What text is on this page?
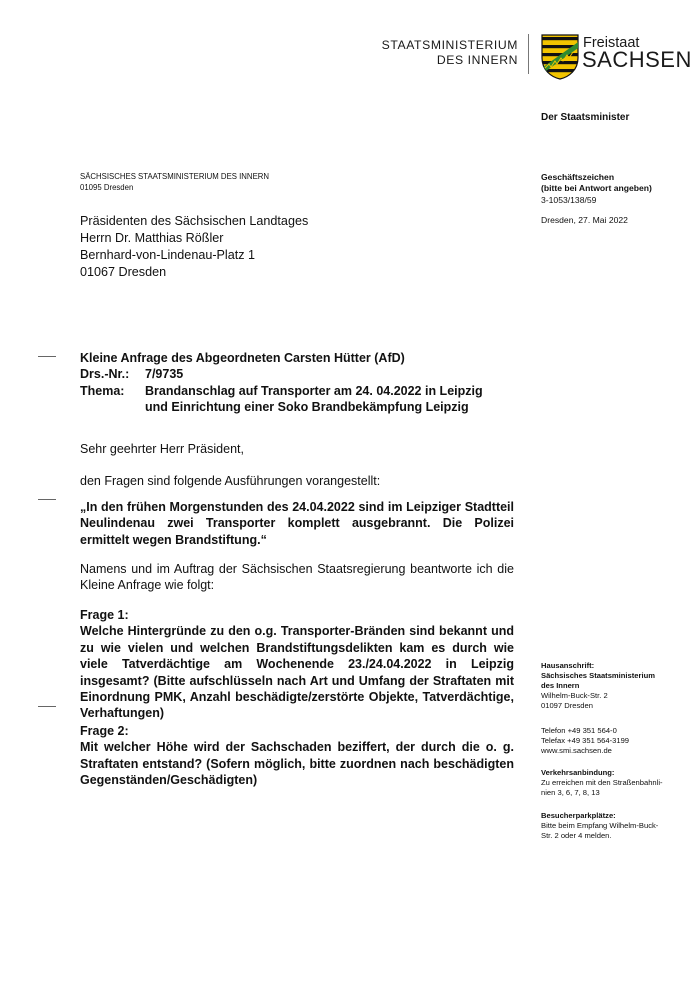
STAATSMINISTERIUM
DES INNERN
Freistaat
SACHSEN
Der Staatsminister
SÄCHSISCHES STAATSMINISTERIUM DES INNERN
01095 Dresden
Geschäftszeichen
(bitte bei Antwort angeben)
3-1053/138/59
Dresden, 27. Mai 2022
Präsidenten des Sächsischen Landtages
Herrn Dr. Matthias Rößler
Bernhard-von-Lindenau-Platz 1
01067 Dresden
Kleine Anfrage des Abgeordneten Carsten Hütter (AfD)
Drs.-Nr.: 7/9735
Thema: Brandanschlag auf Transporter am 24. 04.2022 in Leipzig
und Einrichtung einer Soko Brandbekämpfung Leipzig
Sehr geehrter Herr Präsident,
den Fragen sind folgende Ausführungen vorangestellt:
„In den frühen Morgenstunden des 24.04.2022 sind im Leipziger Stadtteil Neulindenau zwei Transporter komplett ausgebrannt. Die Polizei ermittelt wegen Brandstiftung.“
Namens und im Auftrag der Sächsischen Staatsregierung beantworte ich die Kleine Anfrage wie folgt:
Frage 1:
Welche Hintergründe zu den o.g. Transporter-Bränden sind bekannt und zu wie vielen und welchen Brandstiftungsdelikten kam es durch wie viele Tatverdächtige am Wochenende 23./24.04.2022 in Leipzig insgesamt? (Bitte aufschlüsseln nach Art und Umfang der Straftaten mit Einordnung PMK, Anzahl beschädigte/zerstörte Objekte, Tatverdächtige, Verhaftungen)
Frage 2:
Mit welcher Höhe wird der Sachschaden beziffert, der durch die o. g. Straftaten entstand? (Sofern möglich, bitte zuordnen nach beschädigten Gegenständen/Geschädigten)
Hausanschrift:
Sächsisches Staatsministerium
des Innern
Wilhelm-Buck-Str. 2
01097 Dresden
Telefon +49 351 564-0
Telefax +49 351 564-3199
www.smi.sachsen.de
Verkehrsanbindung:
Zu erreichen mit den Straßenbahnli-
nien 3, 6, 7, 8, 13
Besucherparkplätze:
Bitte beim Empfang Wilhelm-Buck-
Str. 2 oder 4 melden.
